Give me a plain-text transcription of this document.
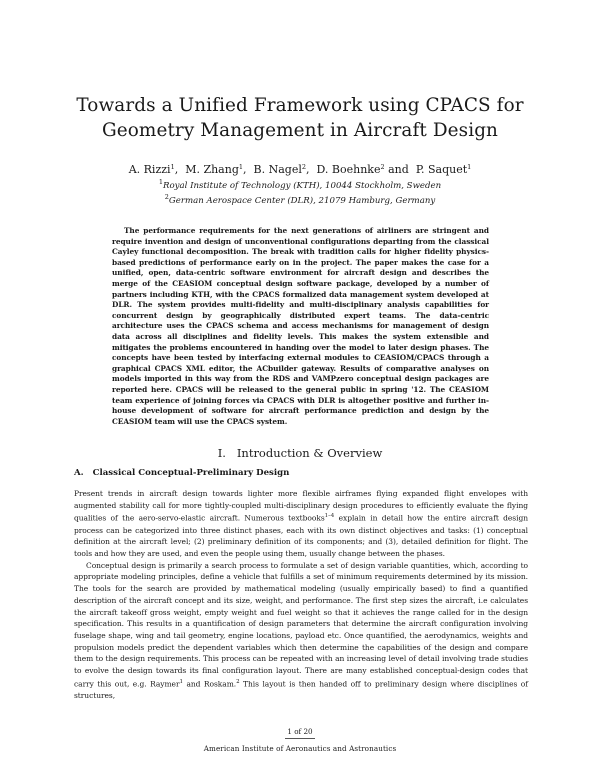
Towards a Unified Framework using CPACS for
Geometry Management in Aircraft Design
A. Rizzi$^1$,  M. Zhang$^1$,  B. Nagel$^2$,  D. Boehnke$^2$ and  P. Saquet$^1$
$^1$Royal Institute of Technology (KTH), 10044 Stockholm, Sweden
$^2$German Aerospace Center (DLR), 21079 Hamburg, Germany

The performance requirements for the next generations of airliners are stringent and require invention and design of unconventional configurations departing from the classical Cayley functional decomposition. The break with tradition calls for higher fidelity physics-based predictions of performance early on in the project. The paper makes the case for a unified, open, data-centric software environment for aircraft design and describes the merge of the CEASIOM conceptual design software package, developed by a number of partners including KTH, with the CPACS formalized data management system developed at DLR. The system provides multi-fidelity and multi-disciplinary analysis capabilities for concurrent design by geographically distributed expert teams. The data-centric architecture uses the CPACS schema and access mechanisms for management of design data across all disciplines and fidelity levels. This makes the system extensible and mitigates the problems encountered in handing over the model to later design phases. The concepts have been tested by interfacing external modules to CEASIOM/CPACS through a graphical CPACS XML editor, the ACbuilder gateway. Results of comparative analyses on models imported in this way from the RDS and VAMPzero conceptual design packages are reported here. CPACS will be released to the general public in spring '12. The CEASIOM team experience of joining forces via CPACS with DLR is altogether positive and further in-house development of software for aircraft performance prediction and design by the CEASIOM team will use the CPACS system.

I.   Introduction & Overview
A.   Classical Conceptual-Preliminary Design

Present trends in aircraft design towards lighter more flexible airframes flying expanded flight envelopes with augmented stability call for more tightly-coupled multi-disciplinary design procedures to efficiently evaluate the flying qualities of the aero-servo-elastic aircraft. Numerous textbooks$^{1-4}$ explain in detail how the entire aircraft design process can be categorized into three distinct phases, each with its own distinct objectives and tasks: (1) conceptual definition at the aircraft level; (2) preliminary definition of its components; and (3), detailed definition for flight. The tools and how they are used, and even the people using them, usually change between the phases.

Conceptual design is primarily a search process to formulate a set of design variable quantities, which, according to appropriate modeling principles, define a vehicle that fulfills a set of minimum requirements determined by its mission. The tools for the search are provided by mathematical modeling (usually empirically based) to find a quantified description of the aircraft concept and its size, weight, and performance. The first step sizes the aircraft, i.e calculates the aircraft takeoff gross weight, empty weight and fuel weight so that it achieves the range called for in the design specification. This results in a quantification of design parameters that determine the aircraft configuration involving fuselage shape, wing and tail geometry, engine locations, payload etc. Once quantified, the aerodynamics, weights and propulsion models predict the dependent variables which then determine the capabilities of the design and compare them to the design requirements. This process can be repeated with an increasing level of detail involving trade studies to evolve the design towards its final configuration layout. There are many established conceptual-design codes that carry this out, e.g. Raymer$^1$ and Roskam.$^2$ This layout is then handed off to preliminary design where disciplines of structures,

1 of 20
American Institute of Aeronautics and Astronautics
